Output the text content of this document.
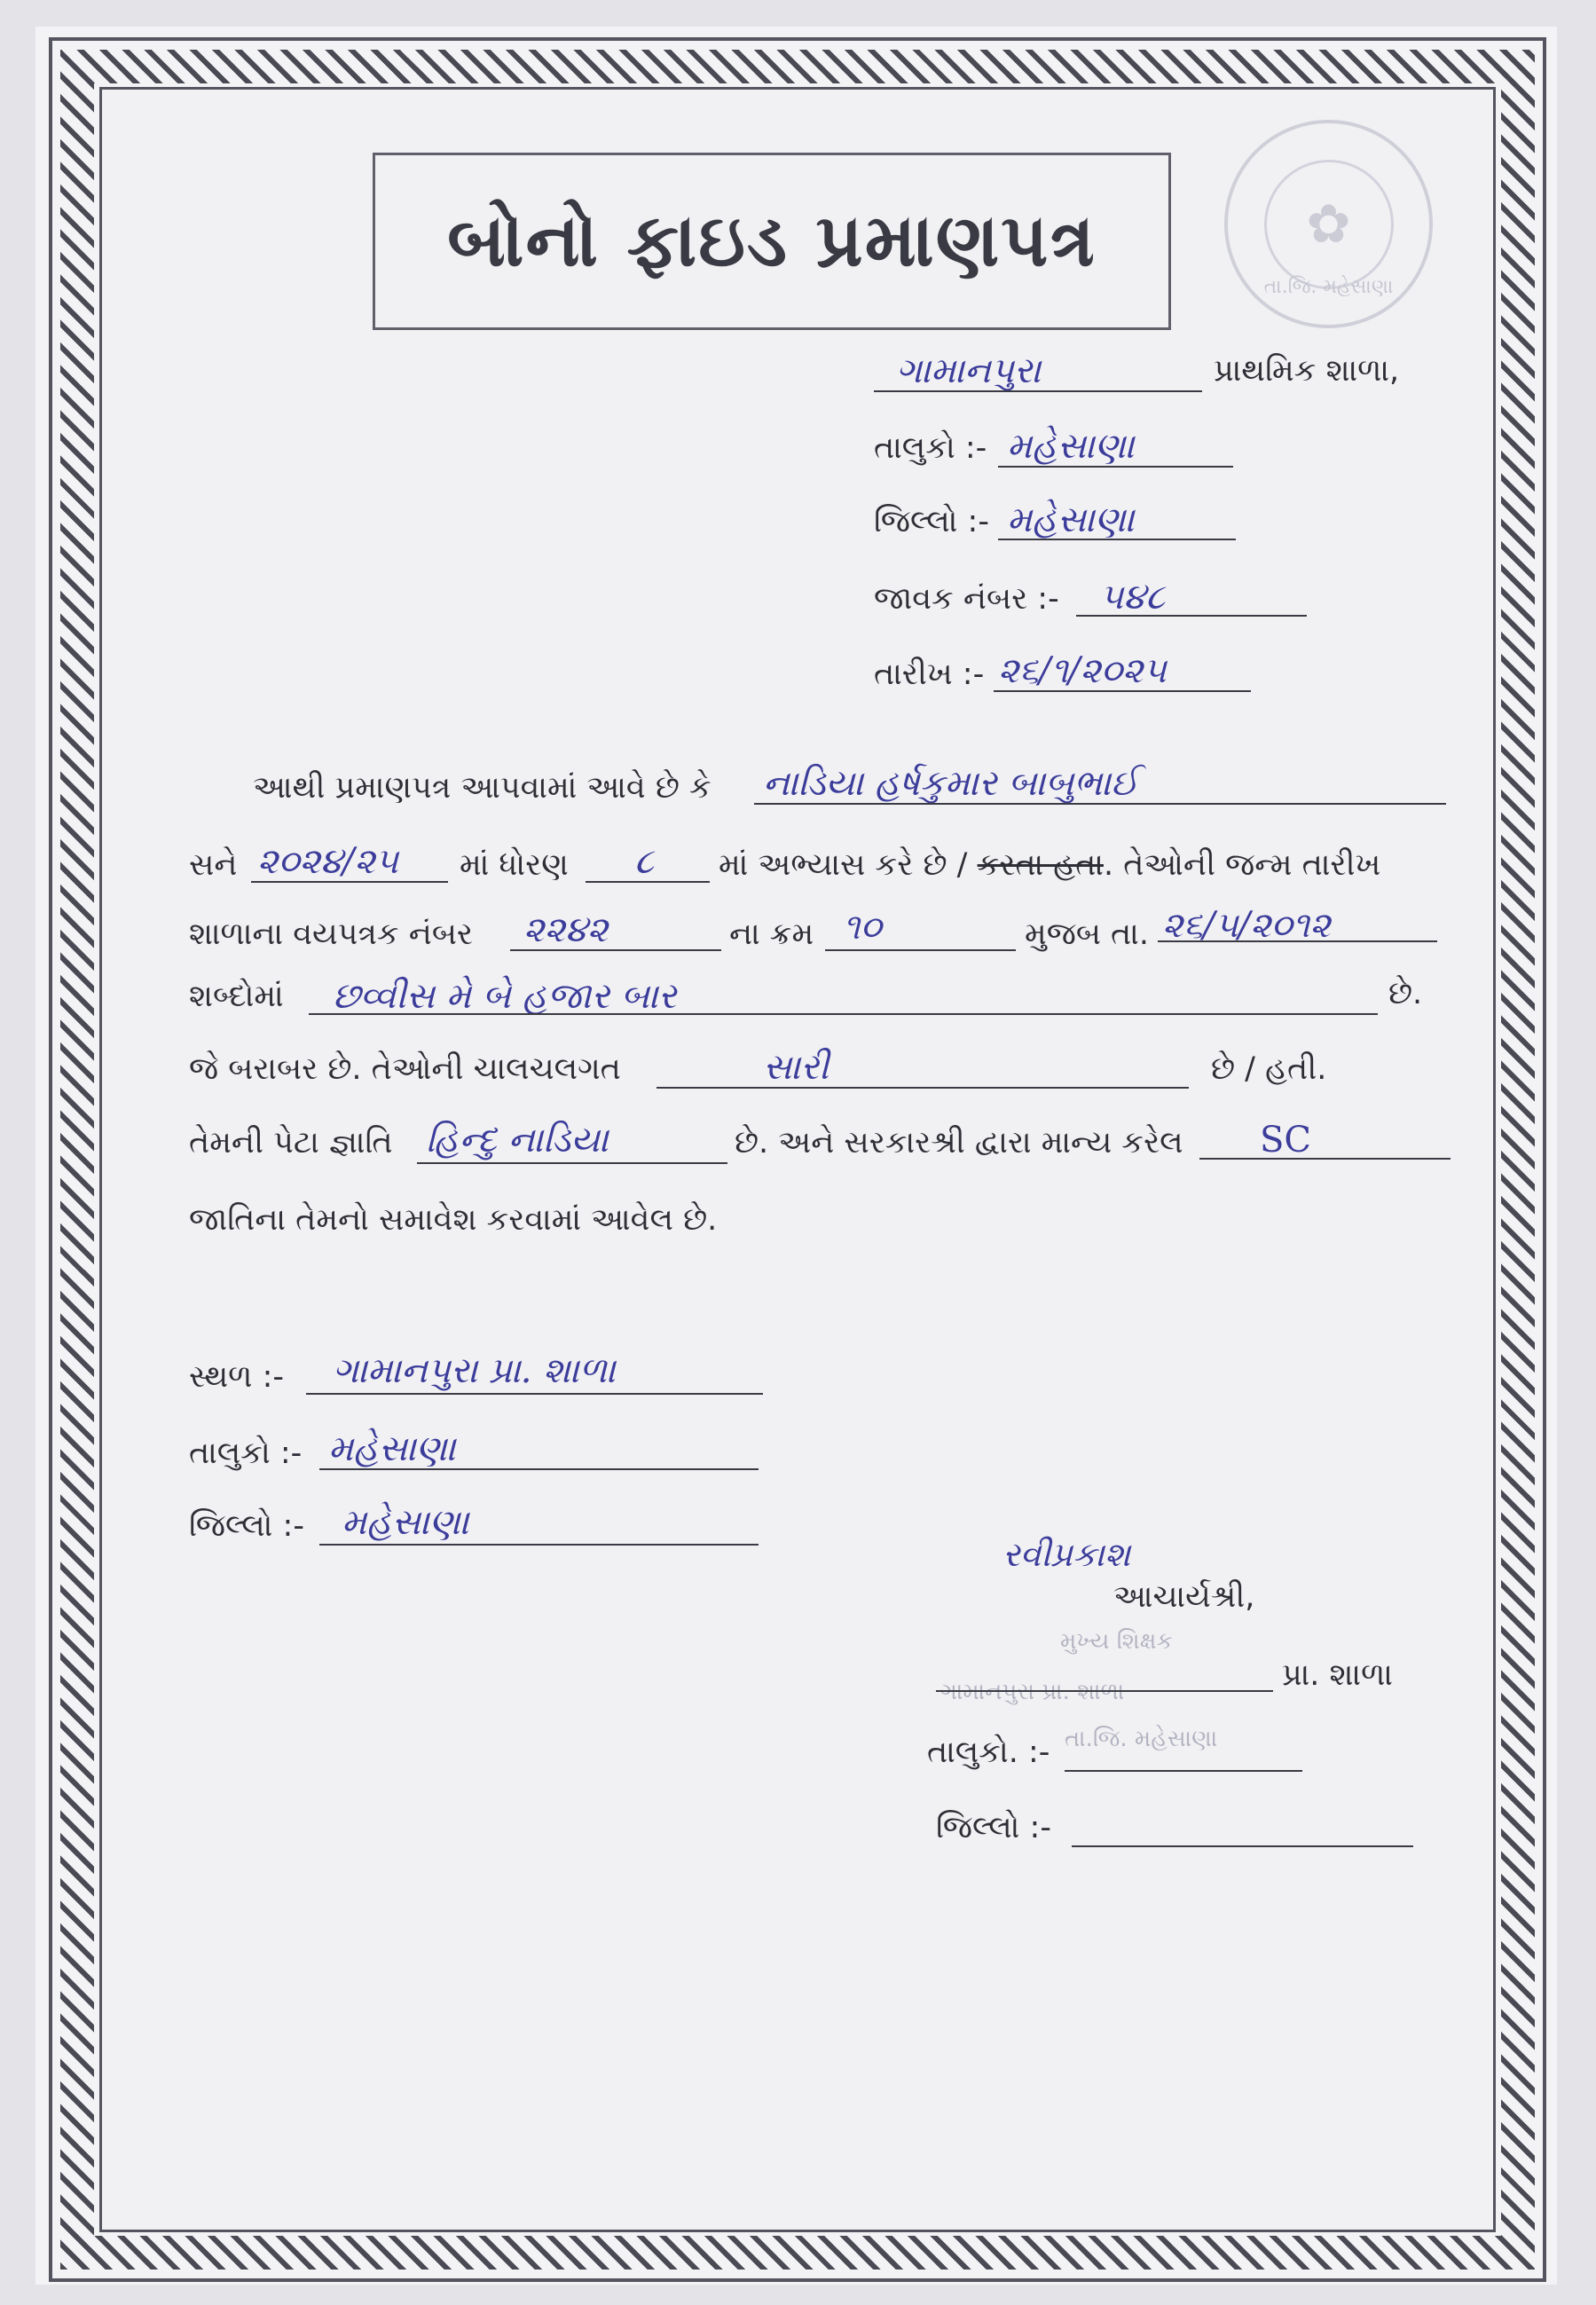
બોનો ફાઇડ પ્રમાણપત્ર	✿
તા.જિ. મહેસાણા
ગામાનપુરા	પ્રાથમિક શાળા,
તાલુકો :- મહેસાણા
જિલ્લો :- મહેસાણા
જાવક નંબર :- ૫૪૮
તારીખ :- ૨૬/૧/૨૦૨૫
આથી પ્રમાણપત્ર આપવામાં આવે છે કે નાડિયા હર્ષકુમાર બાબુભાઈ
સને ૨૦૨૪/૨૫ માં ધોરણ ૮ માં અભ્યાસ કરે છે / કરતા હતા. તેઓની જન્મ તારીખ
શાળાના વયપત્રક નંબર ૨૨૪૨	ના ક્રમ ૧૦	મુજબ તા. ૨૬/૫/૨૦૧૨
શબ્દોમાં છવ્વીસ મે બે હજાર બાર	છે.
જે બરાબર છે. તેઓની ચાલચલગત	સારી	છે / હતી.
તેમની પેટા જ્ઞાતિ હિન્દુ નાડિયા	છે. અને સરકારશ્રી દ્વારા માન્ય કરેલ SC
જાતિના તેમનો સમાવેશ કરવામાં આવેલ છે.
સ્થળ :- ગામાનપુરા પ્રા. શાળા
તાલુકો :- મહેસાણા
જિલ્લો :- મહેસાણા
રવીપ્રકાશ
આચાર્યશ્રી,
મુખ્ય શિક્ષક
ગામાનપુરા પ્રા. શાળા	પ્રા. શાળા
તા.જિ. મહેસાણા
તાલુકો. :-
જિલ્લો :-
